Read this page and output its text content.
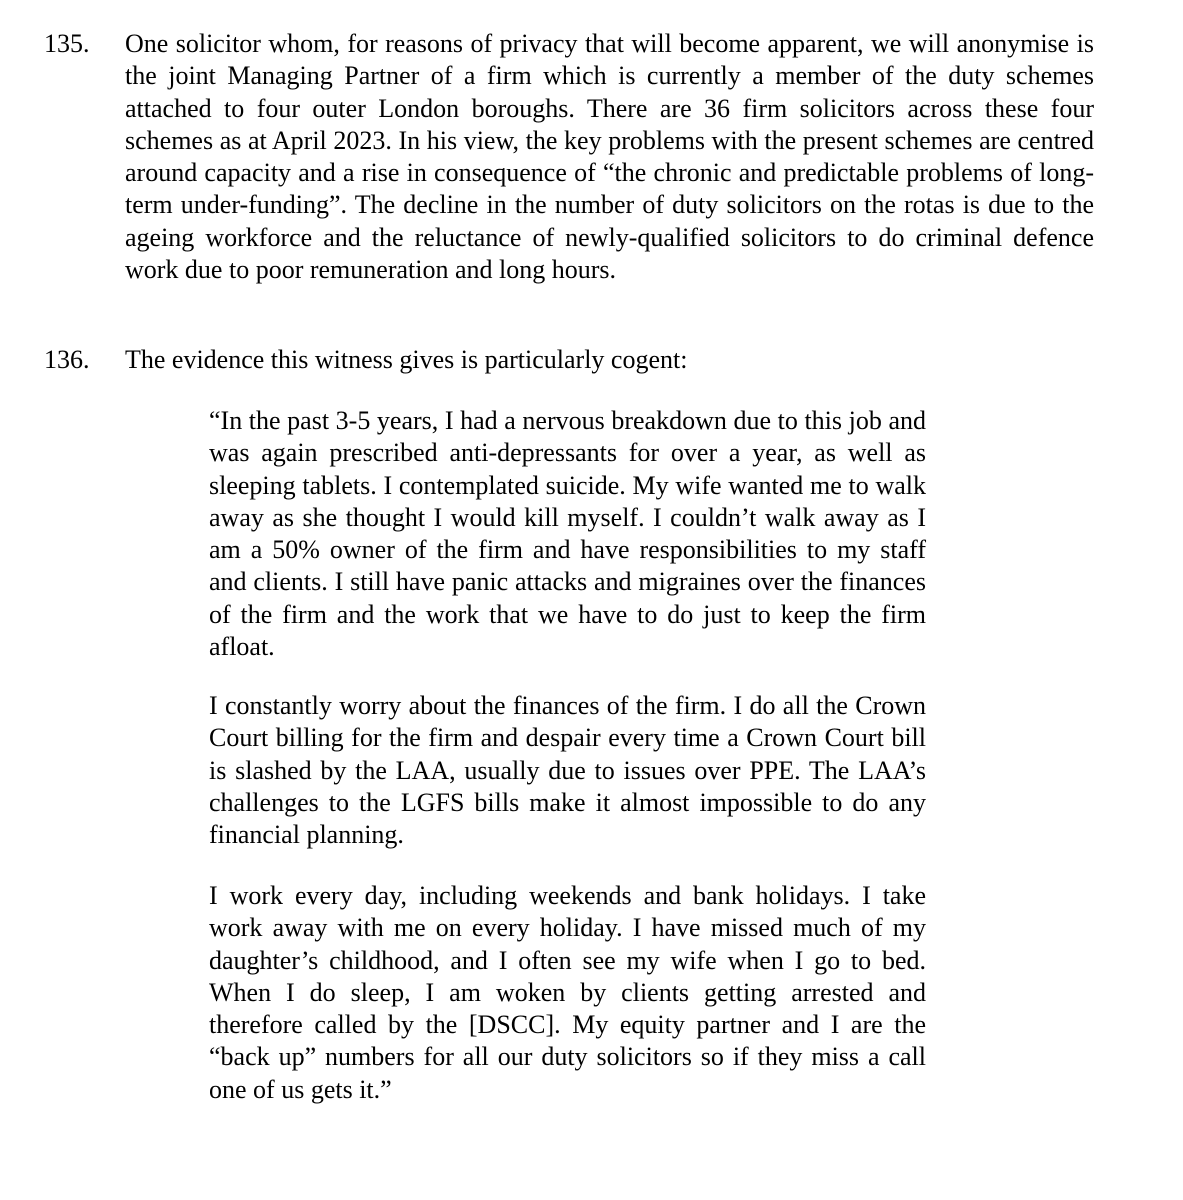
135. One solicitor whom, for reasons of privacy that will become apparent, we will anonymise is the joint Managing Partner of a firm which is currently a member of the duty schemes attached to four outer London boroughs. There are 36 firm solicitors across these four schemes as at April 2023. In his view, the key problems with the present schemes are centred around capacity and a rise in consequence of “the chronic and predictable problems of long-term under-funding”. The decline in the number of duty solicitors on the rotas is due to the ageing workforce and the reluctance of newly-qualified solicitors to do criminal defence work due to poor remuneration and long hours.
136. The evidence this witness gives is particularly cogent:
“In the past 3-5 years, I had a nervous breakdown due to this job and was again prescribed anti-depressants for over a year, as well as sleeping tablets. I contemplated suicide. My wife wanted me to walk away as she thought I would kill myself. I couldn’t walk away as I am a 50% owner of the firm and have responsibilities to my staff and clients. I still have panic attacks and migraines over the finances of the firm and the work that we have to do just to keep the firm afloat.
I constantly worry about the finances of the firm. I do all the Crown Court billing for the firm and despair every time a Crown Court bill is slashed by the LAA, usually due to issues over PPE. The LAA’s challenges to the LGFS bills make it almost impossible to do any financial planning.
I work every day, including weekends and bank holidays. I take work away with me on every holiday. I have missed much of my daughter’s childhood, and I often see my wife when I go to bed. When I do sleep, I am woken by clients getting arrested and therefore called by the [DSCC]. My equity partner and I are the “back up” numbers for all our duty solicitors so if they miss a call one of us gets it.”
